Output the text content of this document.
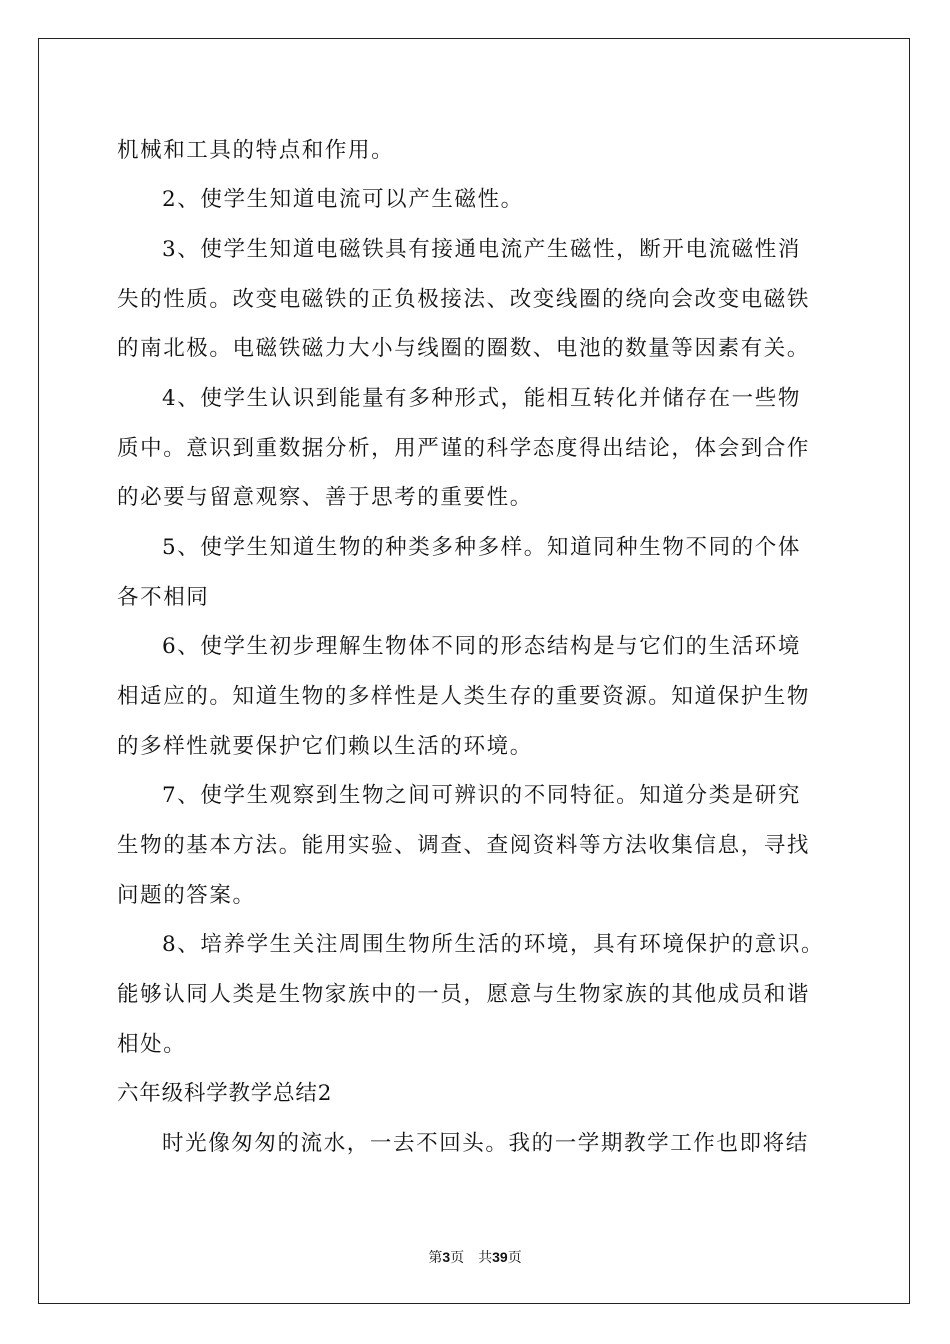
机械和工具的特点和作用。
2、使学生知道电流可以产生磁性。
3、使学生知道电磁铁具有接通电流产生磁性，断开电流磁性消
失的性质。改变电磁铁的正负极接法、改变线圈的绕向会改变电磁铁
的南北极。电磁铁磁力大小与线圈的圈数、电池的数量等因素有关。
4、使学生认识到能量有多种形式，能相互转化并储存在一些物
质中。意识到重数据分析，用严谨的科学态度得出结论，体会到合作
的必要与留意观察、善于思考的重要性。
5、使学生知道生物的种类多种多样。知道同种生物不同的个体
各不相同
6、使学生初步理解生物体不同的形态结构是与它们的生活环境
相适应的。知道生物的多样性是人类生存的重要资源。知道保护生物
的多样性就要保护它们赖以生活的环境。
7、使学生观察到生物之间可辨识的不同特征。知道分类是研究
生物的基本方法。能用实验、调查、查阅资料等方法收集信息，寻找
问题的答案。
8、培养学生关注周围生物所生活的环境，具有环境保护的意识。
能够认同人类是生物家族中的一员，愿意与生物家族的其他成员和谐
相处。
六年级科学教学总结2
时光像匆匆的流水，一去不回头。我的一学期教学工作也即将结
第3页　共39页
